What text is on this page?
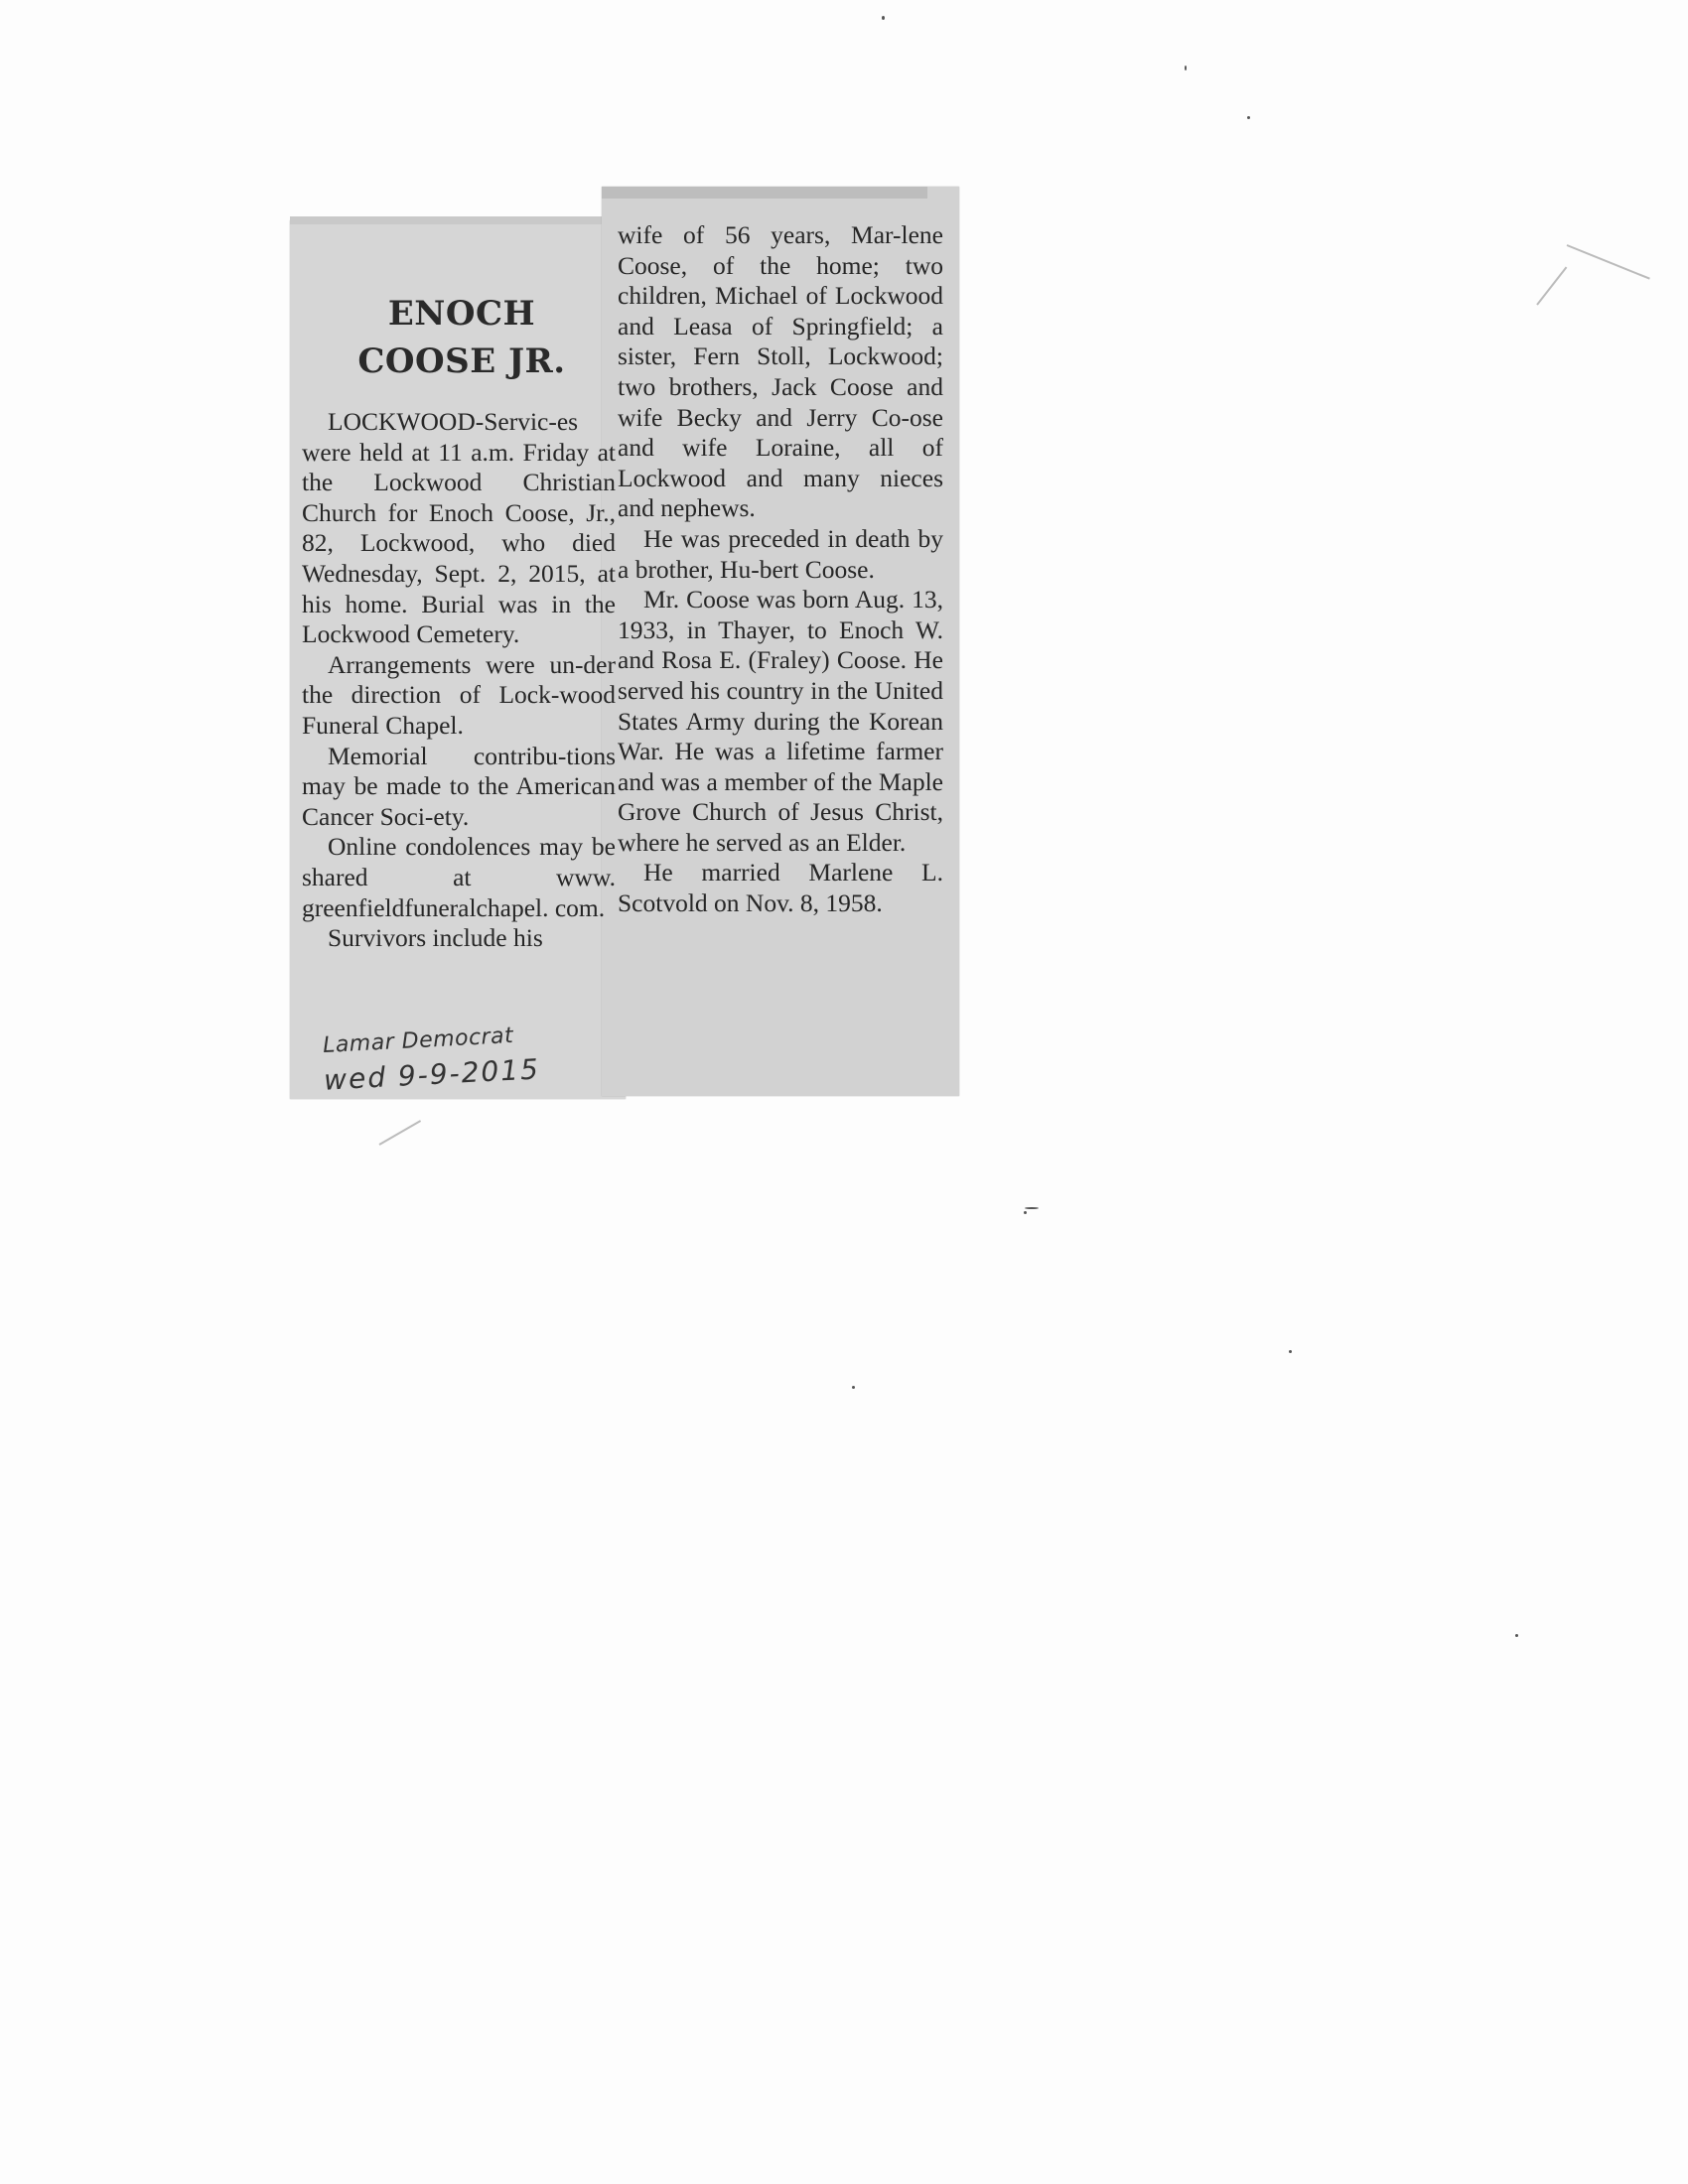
ENOCH
COOSE JR.

LOCKWOOD-Servic-es were held at 11 a.m. Friday at the Lockwood Christian Church for Enoch Coose, Jr., 82, Lockwood, who died Wednesday, Sept. 2, 2015, at his home. Burial was in the Lockwood Cemetery.

Arrangements were un-der the direction of Lock-wood Funeral Chapel.

Memorial contribu-tions may be made to the American Cancer Soci-ety.

Online condolences may be shared at www. greenfieldfuneralchapel. com.

Survivors include his

wife of 56 years, Mar-lene Coose, of the home; two children, Michael of Lockwood and Leasa of Springfield; a sister, Fern Stoll, Lockwood; two brothers, Jack Coose and wife Becky and Jerry Co-ose and wife Loraine, all of Lockwood and many nieces and nephews.

He was preceded in death by a brother, Hu-bert Coose.

Mr. Coose was born Aug. 13, 1933, in Thayer, to Enoch W. and Rosa E. (Fraley) Coose. He served his country in the United States Army during the Korean War. He was a lifetime farmer and was a member of the Maple Grove Church of Jesus Christ, where he served as an Elder.

He married Marlene L. Scotvold on Nov. 8, 1958.

Lamar Democrat
wed 9-9-2015
